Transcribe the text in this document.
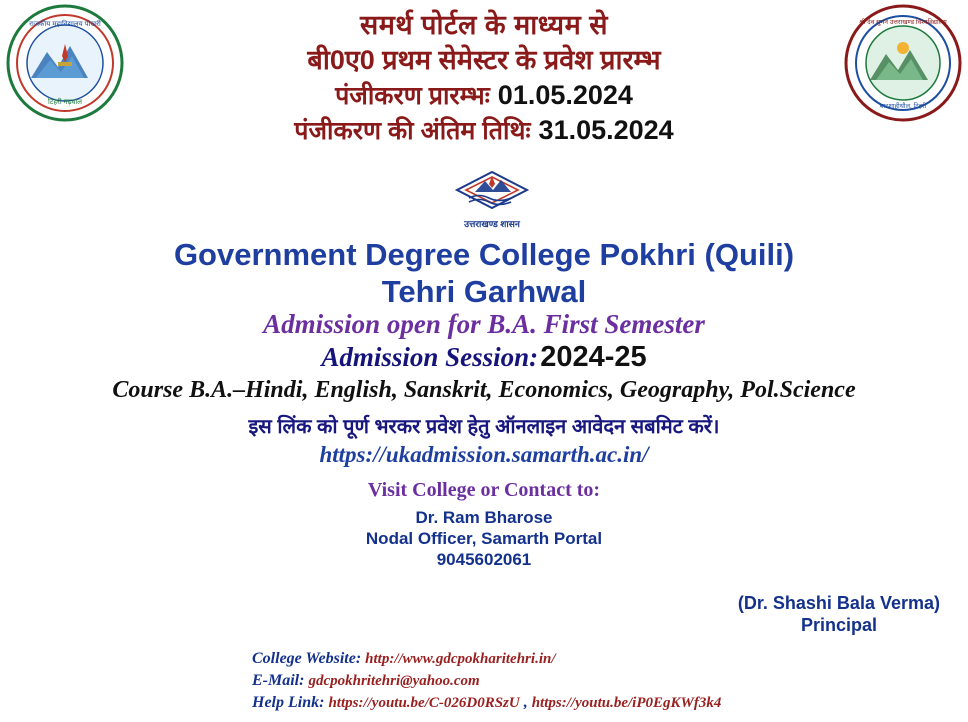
राजकीय महाविद्यालय पोखरी
टिहरी गढ़वाल
श्री देव सुमन उत्तराखण्ड विश्वविद्यालय
बादशाहीथौल, टिहरी
समर्थ पोर्टल के माध्यम से
बी0ए0 प्रथम सेमेस्टर के प्रवेश प्रारम्भ
पंजीकरण प्रारम्भः 01.05.2024
पंजीकरण की अंतिम तिथिः 31.05.2024
उत्तराखण्ड शासन
Government Degree College Pokhri (Quili)
Tehri Garhwal
Admission open for B.A. First Semester
Admission Session: 2024-25
Course B.A.–Hindi, English, Sanskrit, Economics, Geography, Pol.Science
इस लिंक को पूर्ण भरकर प्रवेश हेतु ऑनलाइन आवेदन सबमिट करें।
https://ukadmission.samarth.ac.in/
Visit College or Contact to:
Dr. Ram Bharose
Nodal Officer, Samarth Portal
9045602061
(Dr. Shashi Bala Verma)
Principal
College Website: http://www.gdcpokharitehri.in/
E-Mail: gdcpokhritehri@yahoo.com
Help Link: https://youtu.be/C-026D0RSzU , https://youtu.be/iP0EgKWf3k4
